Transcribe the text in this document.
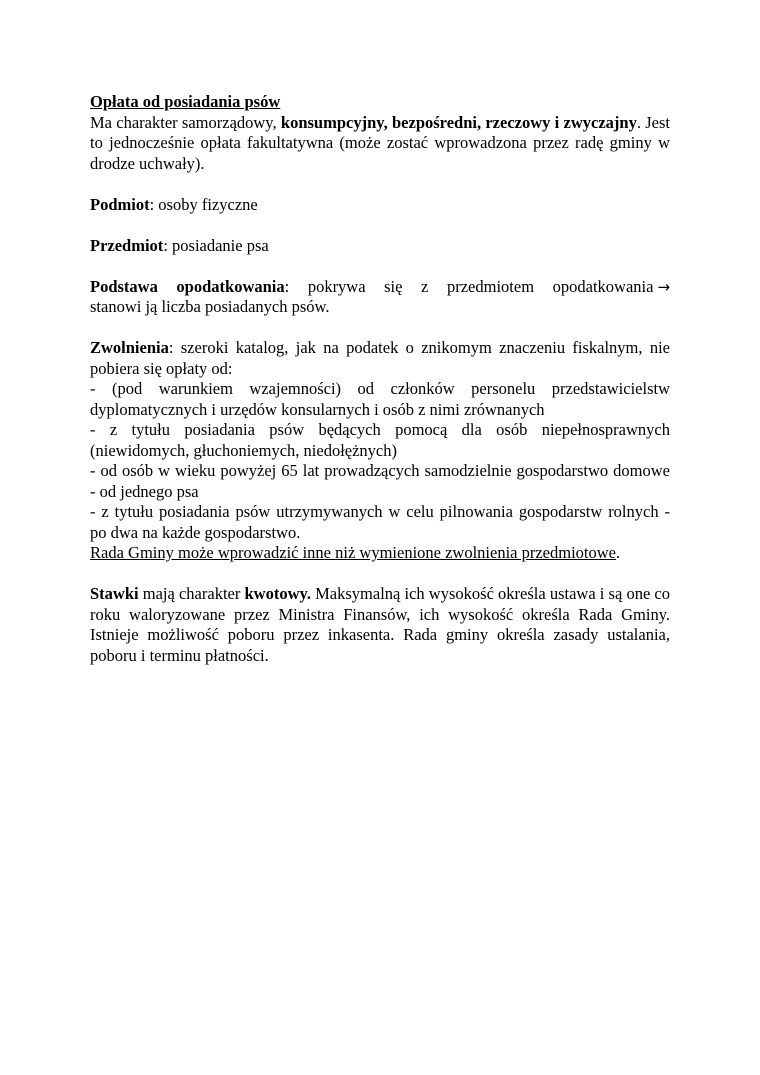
Opłata od posiadania psów

Ma charakter samorządowy, konsumpcyjny, bezpośredni, rzeczowy i zwyczajny. Jest to jednocześnie opłata fakultatywna (może zostać wprowadzona przez radę gminy w drodze uchwały).

Podmiot: osoby fizyczne

Przedmiot: posiadanie psa

Podstawa opodatkowania: pokrywa się z przedmiotem opodatkowania →
stanowi ją liczba posiadanych psów.

Zwolnienia: szeroki katalog, jak na podatek o znikomym znaczeniu fiskalnym, nie pobiera się opłaty od:

- (pod warunkiem wzajemności) od członków personelu przedstawicielstw dyplomatycznych i urzędów konsularnych i osób z nimi zrównanych

- z tytułu posiadania psów będących pomocą dla osób niepełnosprawnych (niewidomych, głuchoniemych, niedołężnych)

- od osób w wieku powyżej 65 lat prowadzących samodzielnie gospodarstwo domowe - od jednego psa

- z tytułu posiadania psów utrzymywanych w celu pilnowania gospodarstw rolnych - po dwa na każde gospodarstwo.

Rada Gminy może wprowadzić inne niż wymienione zwolnienia przedmiotowe.

Stawki mają charakter kwotowy. Maksymalną ich wysokość określa ustawa i są one co roku waloryzowane przez Ministra Finansów, ich wysokość określa Rada Gminy. Istnieje możliwość poboru przez inkasenta. Rada gminy określa zasady ustalania, poboru i terminu płatności.
